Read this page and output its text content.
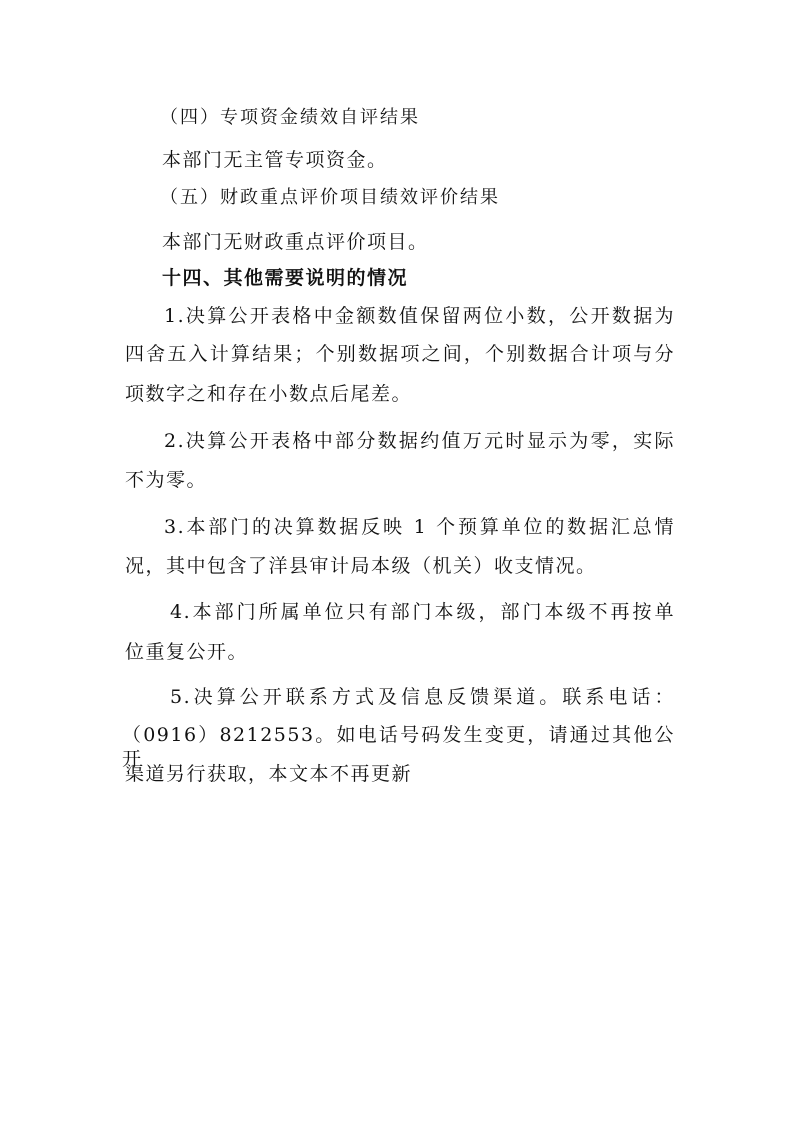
（四）专项资金绩效自评结果
本部门无主管专项资金。
（五）财政重点评价项目绩效评价结果
本部门无财政重点评价项目。
十四、其他需要说明的情况
1.决算公开表格中金额数值保留两位小数，公开数据为
四舍五入计算结果；个别数据项之间，个别数据合计项与分
项数字之和存在小数点后尾差。
2.决算公开表格中部分数据约值万元时显示为零，实际
不为零。
3.本部门的决算数据反映 1 个预算单位的数据汇总情
况，其中包含了洋县审计局本级（机关）收支情况。
4.本部门所属单位只有部门本级，部门本级不再按单
位重复公开。
5.决算公开联系方式及信息反馈渠道。联系电话：
（0916）8212553。如电话号码发生变更，请通过其他公开
渠道另行获取，本文本不再更新
